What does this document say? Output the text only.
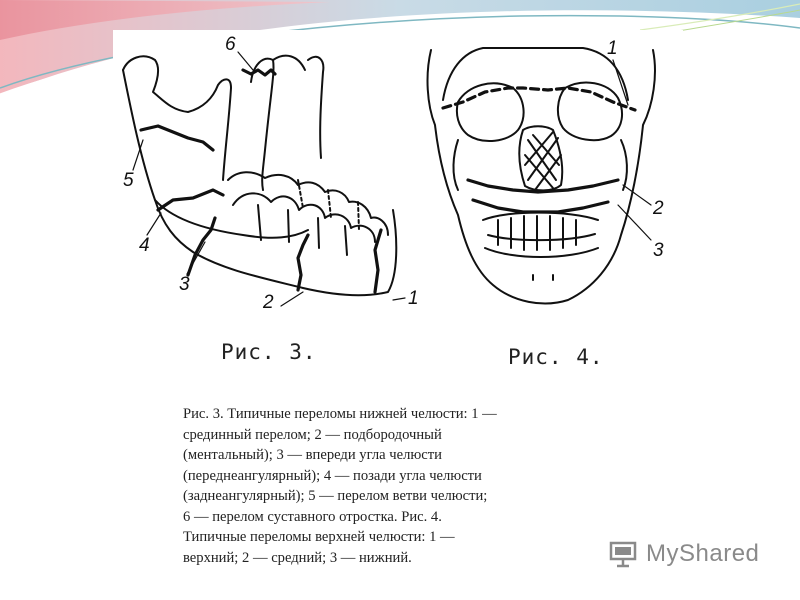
1
2
3
4
5
6	1
2
3
Рис. 3.	Рис. 4.
Рис. 3. Типичные переломы нижней челюсти: 1 —
срединный перелом; 2 — подбородочный
(ментальный); 3 — впереди угла челюсти
(переднеангулярный); 4 — позади угла челюсти
(заднеангулярный); 5 — перелом ветви челюсти;
6 — перелом суставного отростка. Рис. 4.
Типичные переломы верхней челюсти: 1 —
верхний; 2 — средний; 3 — нижний.	MyShared
